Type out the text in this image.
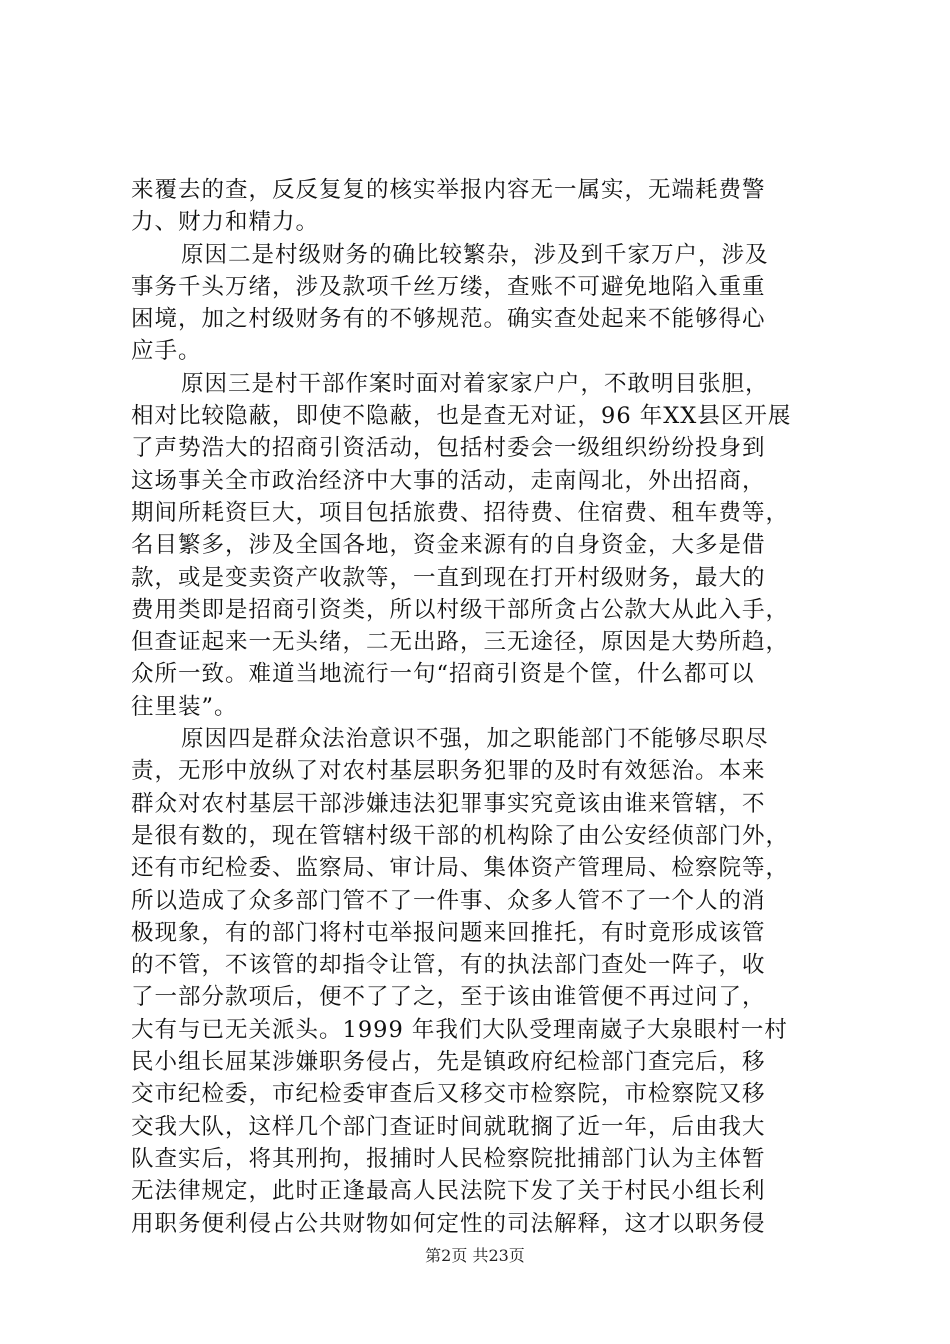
来覆去的查，反反复复的核实举报内容无一属实，无端耗费警
力、财力和精力。
原因二是村级财务的确比较繁杂，涉及到千家万户，涉及
事务千头万绪，涉及款项千丝万缕，查账不可避免地陷入重重
困境，加之村级财务有的不够规范。确实查处起来不能够得心
应手。
原因三是村干部作案时面对着家家户户，不敢明目张胆，
相对比较隐蔽，即使不隐蔽，也是查无对证，96 年XX县区开展
了声势浩大的招商引资活动，包括村委会一级组织纷纷投身到
这场事关全市政治经济中大事的活动，走南闯北，外出招商，
期间所耗资巨大，项目包括旅费、招待费、住宿费、租车费等，
名目繁多，涉及全国各地，资金来源有的自身资金，大多是借
款，或是变卖资产收款等，一直到现在打开村级财务，最大的
费用类即是招商引资类，所以村级干部所贪占公款大从此入手，
但查证起来一无头绪，二无出路，三无途径，原因是大势所趋，
众所一致。难道当地流行一句“招商引资是个筐，什么都可以
往里装”。
原因四是群众法治意识不强，加之职能部门不能够尽职尽
责，无形中放纵了对农村基层职务犯罪的及时有效惩治。本来
群众对农村基层干部涉嫌违法犯罪事实究竟该由谁来管辖，不
是很有数的，现在管辖村级干部的机构除了由公安经侦部门外，
还有市纪检委、监察局、审计局、集体资产管理局、检察院等，
所以造成了众多部门管不了一件事、众多人管不了一个人的消
极现象，有的部门将村屯举报问题来回推托，有时竟形成该管
的不管，不该管的却指令让管，有的执法部门查处一阵子，收
了一部分款项后，便不了了之，至于该由谁管便不再过问了，
大有与已无关派头。1999 年我们大队受理南崴子大泉眼村一村
民小组长屈某涉嫌职务侵占，先是镇政府纪检部门查完后，移
交市纪检委，市纪检委审查后又移交市检察院，市检察院又移
交我大队，这样几个部门查证时间就耽搁了近一年，后由我大
队查实后，将其刑拘，报捕时人民检察院批捕部门认为主体暂
无法律规定，此时正逢最高人民法院下发了关于村民小组长利
用职务便利侵占公共财物如何定性的司法解释，这才以职务侵
第2页 共23页
